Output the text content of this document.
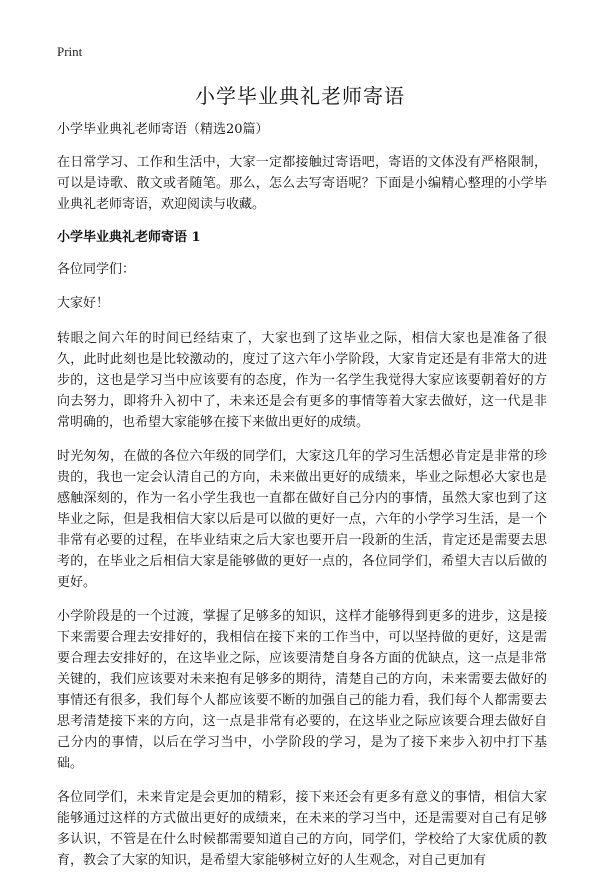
Print
小学毕业典礼老师寄语
小学毕业典礼老师寄语（精选20篇）

在日常学习、工作和生活中，大家一定都接触过寄语吧，寄语的文体没有严格限制，可以是诗歌、散文或者随笔。那么，怎么去写寄语呢？下面是小编精心整理的小学毕业典礼老师寄语，欢迎阅读与收藏。

小学毕业典礼老师寄语 1
各位同学们：
大家好！

转眼之间六年的时间已经结束了，大家也到了这毕业之际，相信大家也是准备了很久，此时此刻也是比较激动的，度过了这六年小学阶段，大家肯定还是有非常大的进步的，这也是学习当中应该要有的态度，作为一名学生我觉得大家应该要朝着好的方向去努力，即将升入初中了，未来还是会有更多的事情等着大家去做好，这一代是非常明确的，也希望大家能够在接下来做出更好的成绩。

时光匆匆，在做的各位六年级的同学们，大家这几年的学习生活想必肯定是非常的珍贵的，我也一定会认清自己的方向，未来做出更好的成绩来，毕业之际想必大家也是感触深刻的，作为一名小学生我也一直都在做好自己分内的事情，虽然大家也到了这毕业之际，但是我相信大家以后是可以做的更好一点，六年的小学学习生活，是一个非常有必要的过程，在毕业结束之后大家也要开启一段新的生活，肯定还是需要去思考的，在毕业之后相信大家是能够做的更好一点的，各位同学们，希望大吉以后做的更好。

小学阶段是的一个过渡，掌握了足够多的知识，这样才能够得到更多的进步，这是接下来需要合理去安排好的，我相信在接下来的工作当中，可以坚持做的更好，这是需要合理去安排好的，在这毕业之际，应该要清楚自身各方面的优缺点，这一点是非常关键的，我们应该要对未来抱有足够多的期待，清楚自己的方向，未来需要去做好的事情还有很多，我们每个人都应该要不断的加强自己的能力看，我们每个人都需要去思考清楚接下来的方向，这一点是非常有必要的，在这毕业之际应该要合理去做好自己分内的事情，以后在学习当中，小学阶段的学习，是为了接下来步入初中打下基础。

各位同学们，未来肯定是会更加的精彩，接下来还会有更多有意义的事情，相信大家能够通过这样的方式做出更好的成绩来，在未来的学习当中，还是需要对自己有足够多认识，不管是在什么时候都需要知道自己的方向，同学们，学校给了大家优质的教育，教会了大家的知识，是希望大家能够树立好的人生观念，对自己更加有
